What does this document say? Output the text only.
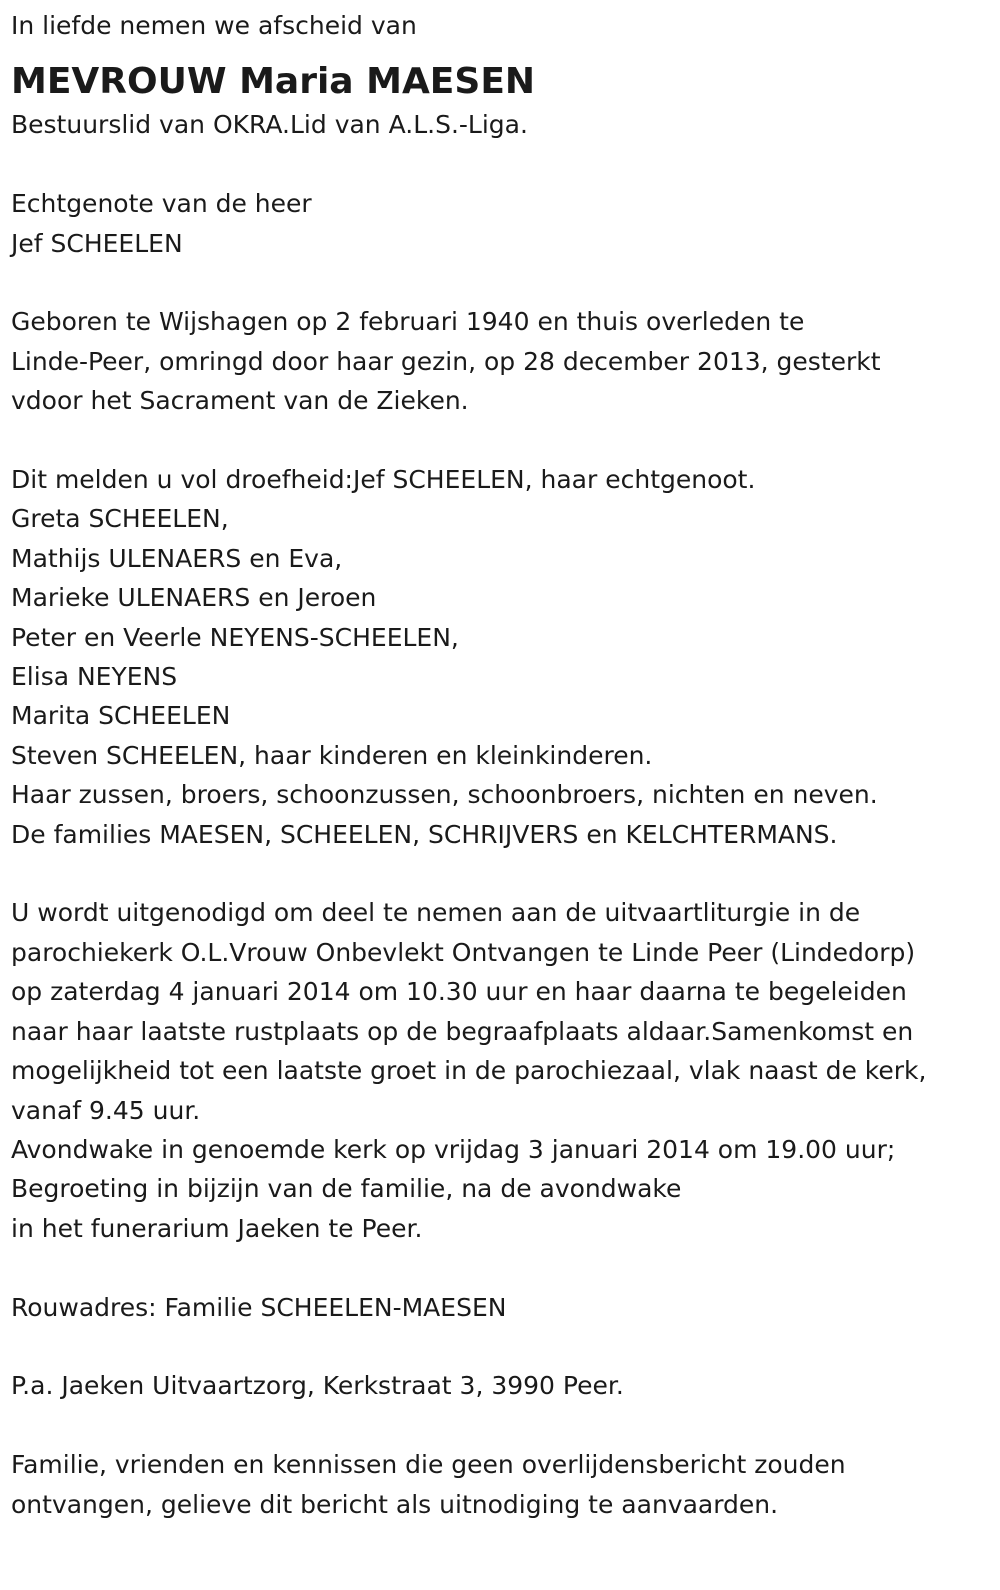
In liefde nemen we afscheid van
MEVROUW Maria MAESEN
Bestuurslid van OKRA.Lid van A.L.S.-Liga.
Echtgenote van de heer
Jef SCHEELEN
Geboren te Wijshagen op 2 februari 1940 en thuis overleden te
Linde-Peer, omringd door haar gezin, op 28 december 2013, gesterkt
vdoor het Sacrament van de Zieken.
Dit melden u vol droefheid:Jef SCHEELEN, haar echtgenoot.
Greta SCHEELEN,
Mathijs ULENAERS en Eva,
Marieke ULENAERS en Jeroen
Peter en Veerle NEYENS-SCHEELEN,
Elisa NEYENS
Marita SCHEELEN
Steven SCHEELEN, haar kinderen en kleinkinderen.
Haar zussen, broers, schoonzussen, schoonbroers, nichten en neven.
De families MAESEN, SCHEELEN, SCHRIJVERS en KELCHTERMANS.
U wordt uitgenodigd om deel te nemen aan de uitvaartliturgie in de
parochiekerk O.L.Vrouw Onbevlekt Ontvangen te Linde Peer (Lindedorp)
op zaterdag 4 januari 2014 om 10.30 uur en haar daarna te begeleiden
naar haar laatste rustplaats op de begraafplaats aldaar.Samenkomst en
mogelijkheid tot een laatste groet in de parochiezaal, vlak naast de kerk,
vanaf 9.45 uur.
Avondwake in genoemde kerk op vrijdag 3 januari 2014 om 19.00 uur;
Begroeting in bijzijn van de familie, na de avondwake
in het funerarium Jaeken te Peer.
Rouwadres: Familie SCHEELEN-MAESEN
P.a. Jaeken Uitvaartzorg, Kerkstraat 3, 3990 Peer.
Familie, vrienden en kennissen die geen overlijdensbericht zouden
ontvangen, gelieve dit bericht als uitnodiging te aanvaarden.
